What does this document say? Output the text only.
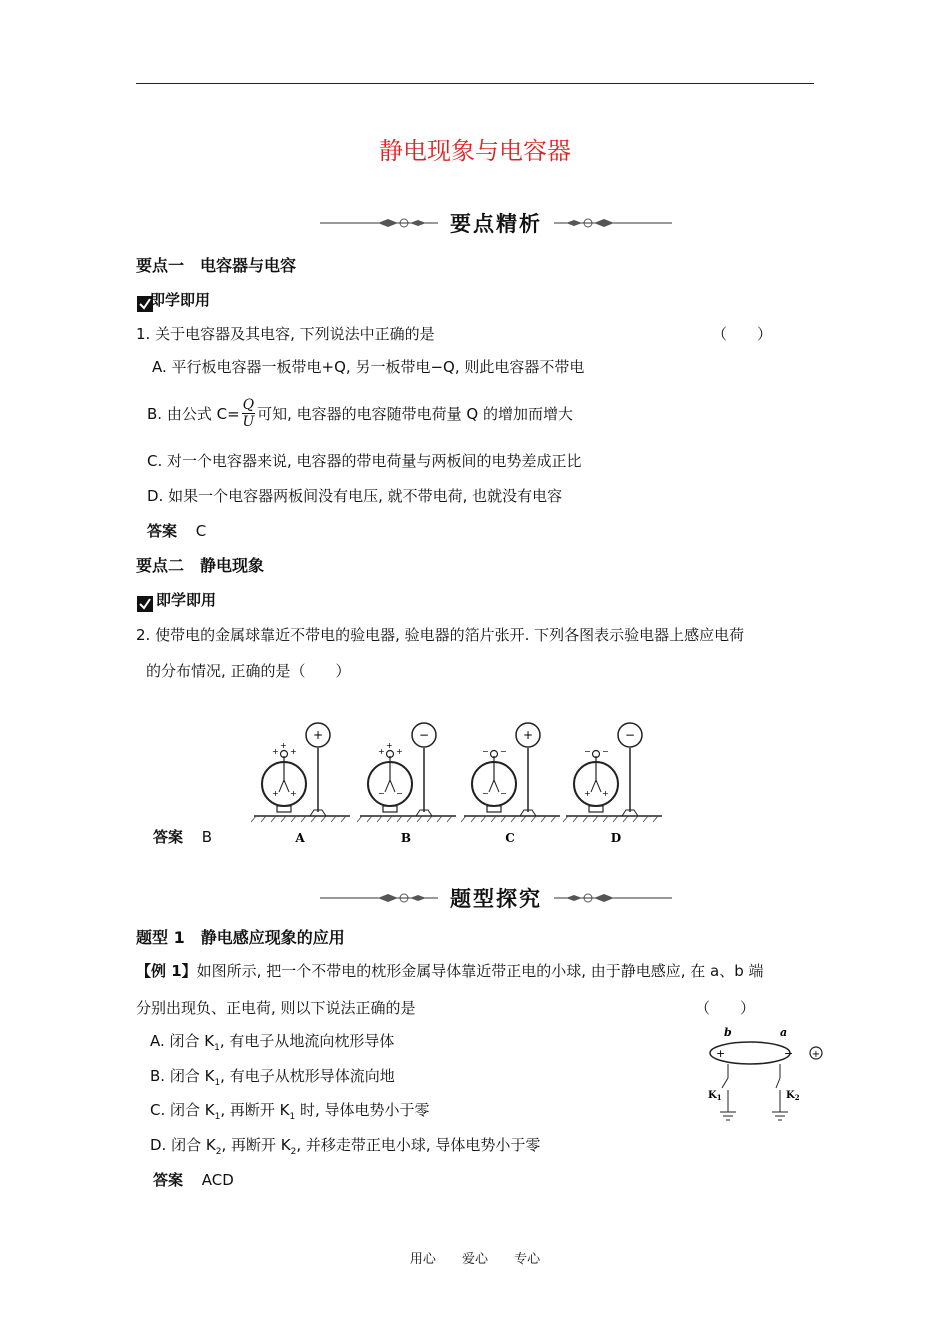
静电现象与电容器
要点精析
要点一　电容器与电容
即学即用
1. 关于电容器及其电容, 下列说法中正确的是	（　　）
A. 平行板电容器一板带电+Q, 另一板带电−Q, 则此电容器不带电
B. 由公式 $C= \frac{Q}{U}$ 可知, 电容器的电容随带电荷量 Q 的增加而增大
C. 对一个电容器来说, 电容器的带电荷量与两板间的电势差成正比
D. 如果一个电容器两板间没有电压, 就不带电荷, 也就没有电容
答案 C
要点二　静电现象
即学即用
2. 使带电的金属球靠近不带电的验电器, 验电器的箔片张开. 下列各图表示验电器上感应电荷
的分布情况, 正确的是（　　）
+ +
+
+ +
+
A
+ +
+
− −
−
B
− −
− −
+
C
− −
+ +
−
D
答案 B
题型探究
题型 1　静电感应现象的应用
【例 1】如图所示, 把一个不带电的枕形金属导体靠近带正电的小球, 由于静电感应, 在 a、b 端
分别出现负、正电荷, 则以下说法正确的是	（　　）
A. 闭合 $K_1$, 有电子从地流向枕形导体
B. 闭合 $K_1$, 有电子从枕形导体流向地
C. 闭合 $K_1$, 再断开 $K_1$ 时, 导体电势小于零
D. 闭合 $K_2$, 再断开 $K_2$, 并移走带正电小球, 导体电势小于零
答案 ACD
b	a
+	− +
$K_1$	$K_2$
用心 爱心 专心
